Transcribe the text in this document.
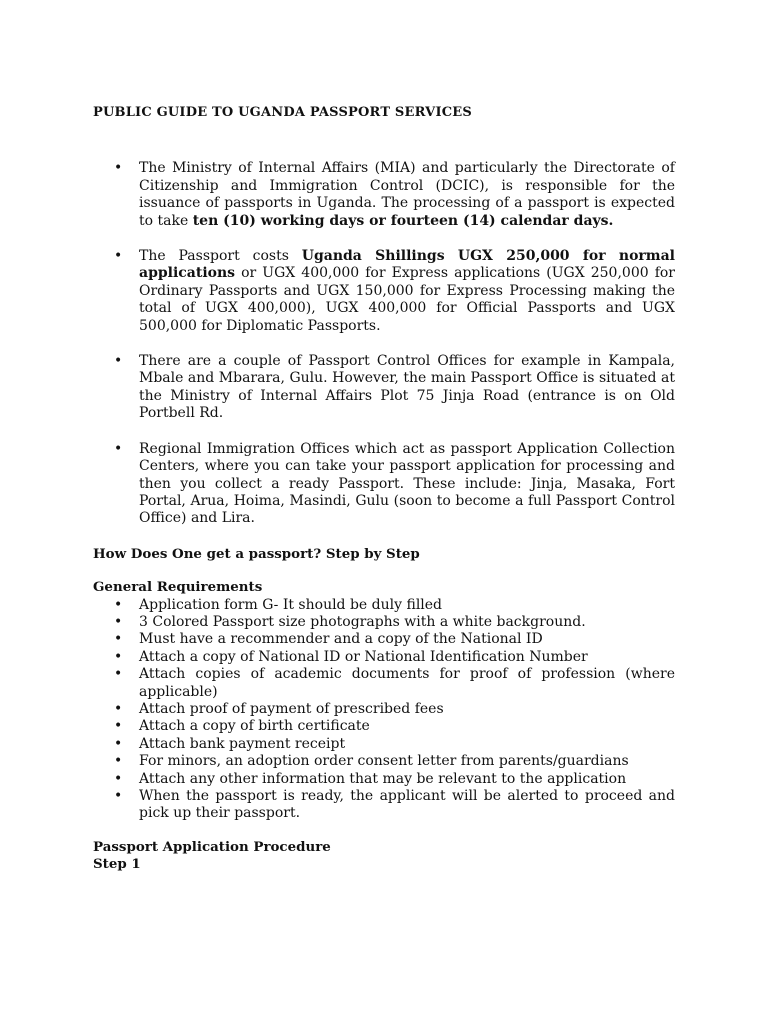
PUBLIC GUIDE TO UGANDA PASSPORT SERVICES

• The Ministry of Internal Affairs (MIA) and particularly the Directorate of Citizenship and Immigration Control (DCIC), is responsible for the issuance of passports in Uganda. The processing of a passport is expected to take ten (10) working days or fourteen (14) calendar days.
• The Passport costs Uganda Shillings UGX 250,000 for normal applications or UGX 400,000 for Express applications (UGX 250,000 for Ordinary Passports and UGX 150,000 for Express Processing making the total of UGX 400,000), UGX 400,000 for Official Passports and UGX 500,000 for Diplomatic Passports.
• There are a couple of Passport Control Offices for example in Kampala, Mbale and Mbarara, Gulu. However, the main Passport Office is situated at the Ministry of Internal Affairs Plot 75 Jinja Road (entrance is on Old Portbell Rd.
• Regional Immigration Offices which act as passport Application Collection Centers, where you can take your passport application for processing and then you collect a ready Passport. These include: Jinja, Masaka, Fort Portal, Arua, Hoima, Masindi, Gulu (soon to become a full Passport Control Office) and Lira.

How Does One get a passport? Step by Step

General Requirements

• Application form G- It should be duly filled
• 3 Colored Passport size photographs with a white background.
• Must have a recommender and a copy of the National ID
• Attach a copy of National ID or National Identification Number
• Attach copies of academic documents for proof of profession (where applicable)
• Attach proof of payment of prescribed fees
• Attach a copy of birth certificate
• Attach bank payment receipt
• For minors, an adoption order consent letter from parents/guardians
• Attach any other information that may be relevant to the application
• When the passport is ready, the applicant will be alerted to proceed and pick up their passport.

Passport Application Procedure

Step 1
